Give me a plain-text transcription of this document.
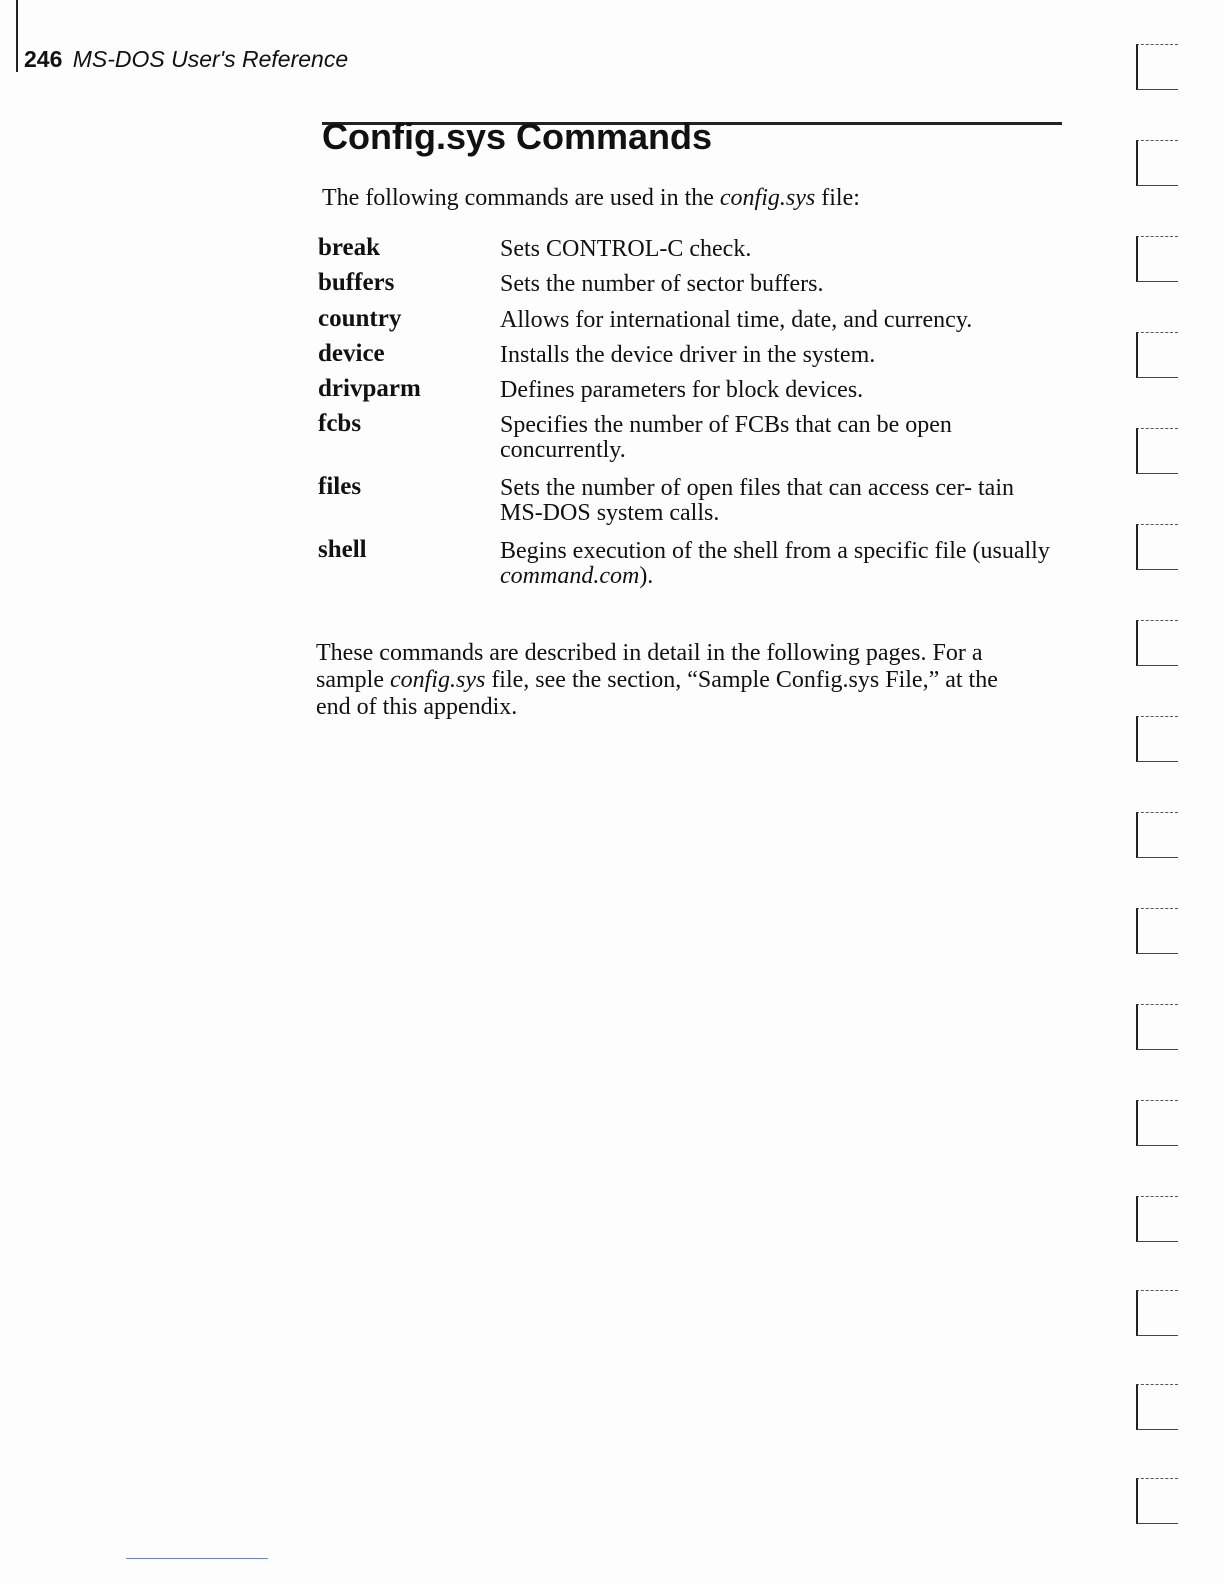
246 MS-DOS User's Reference
Config.sys Commands

The following commands are used in the config.sys file:

break	Sets CONTROL-C check.
buffers	Sets the number of sector buffers.
country	Allows for international time, date, and currency.
device	Installs the device driver in the system.
drivparm	Defines parameters for block devices.
fcbs	Specifies the number of FCBs that can be open concurrently.
files	Sets the number of open files that can access cer- tain MS-DOS system calls.
shell	Begins execution of the shell from a specific file (usually command.com).

These commands are described in detail in the following pages. For a sample config.sys file, see the section, “Sample Config.sys File,” at the end of this appendix.
